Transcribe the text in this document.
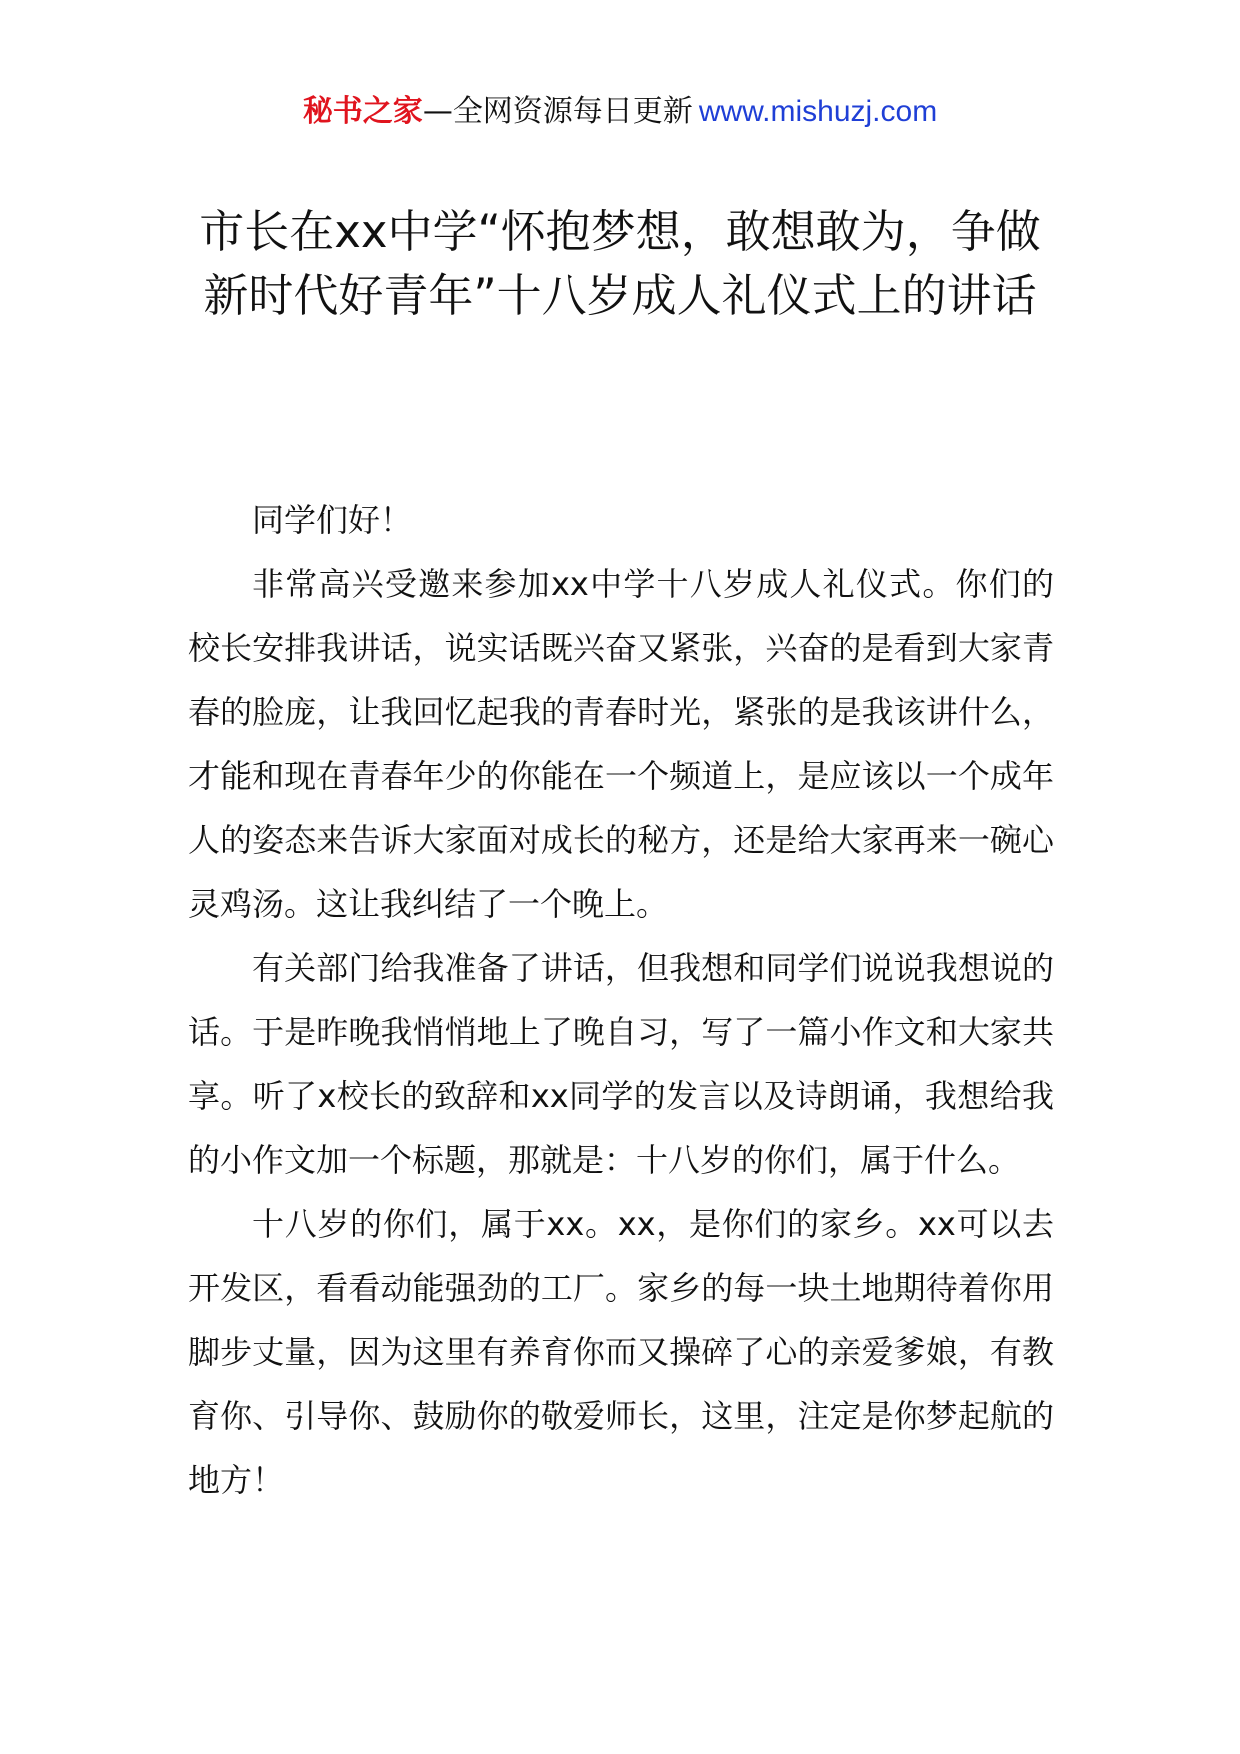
秘书之家—全网资源每日更新 www.mishuzj.com
市长在xx中学“怀抱梦想，敢想敢为，争做新时代好青年”十八岁成人礼仪式上的讲话

同学们好！

非常高兴受邀来参加xx中学十八岁成人礼仪式。你们的校长安排我讲话，说实话既兴奋又紧张，兴奋的是看到大家青春的脸庞，让我回忆起我的青春时光，紧张的是我该讲什么，才能和现在青春年少的你能在一个频道上，是应该以一个成年人的姿态来告诉大家面对成长的秘方，还是给大家再来一碗心灵鸡汤。这让我纠结了一个晚上。

有关部门给我准备了讲话，但我想和同学们说说我想说的话。于是昨晚我悄悄地上了晚自习，写了一篇小作文和大家共享。听了x校长的致辞和xx同学的发言以及诗朗诵，我想给我的小作文加一个标题，那就是：十八岁的你们，属于什么。

十八岁的你们，属于xx。xx，是你们的家乡。xx可以去开发区，看看动能强劲的工厂。家乡的每一块土地期待着你用脚步丈量，因为这里有养育你而又操碎了心的亲爱爹娘，有教育你、引导你、鼓励你的敬爱师长，这里，注定是你梦起航的地方！
